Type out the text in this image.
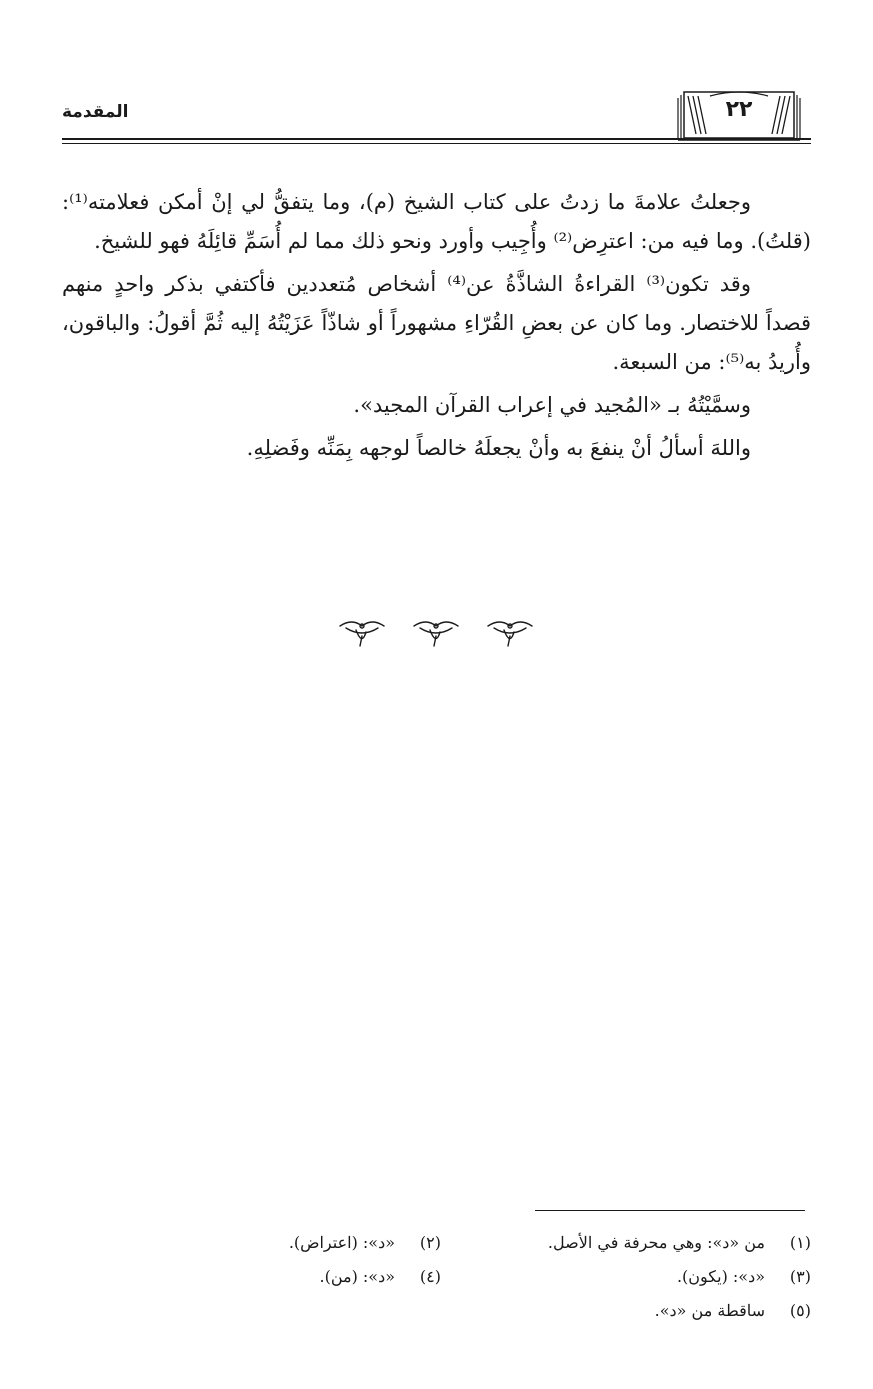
المقدمة	٢٢

وجعلتُ علامةَ ما زدتُ على كتاب الشيخ (م)، وما يتفقُّ لي إنْ أمكن فعلامته⁽¹⁾: (قلتُ). وما فيه من: اعترِض⁽²⁾ وأُجِيب وأورد ونحو ذلك مما لم أُسَمِّ قائِلَهُ فهو للشيخ.

وقد تكون⁽³⁾ القراءةُ الشاذَّةُ عن⁽⁴⁾ أشخاص مُتعددين فأكتفي بذكر واحدٍ منهم قصداً للاختصار. وما كان عن بعضِ القُرّاءِ مشهوراً أو شاذّاً عَزَيْتُهُ إليه ثُمَّ أقولُ: والباقون، وأُريدُ به⁽⁵⁾: من السبعة.

وسمَّيْتُهُ بـ «المُجيد في إعراب القرآن المجيد».

واللهَ أسألُ أنْ ينفعَ به وأنْ يجعلَهُ خالصاً لوجهه بِمَنِّه وفَضلِهِ.

(١)من «د»: وهي محرفة في الأصل.
(٢)«د»: (اعتراض).
(٣)«د»: (يكون).
(٤)«د»: (من).
(٥)ساقطة من «د».
